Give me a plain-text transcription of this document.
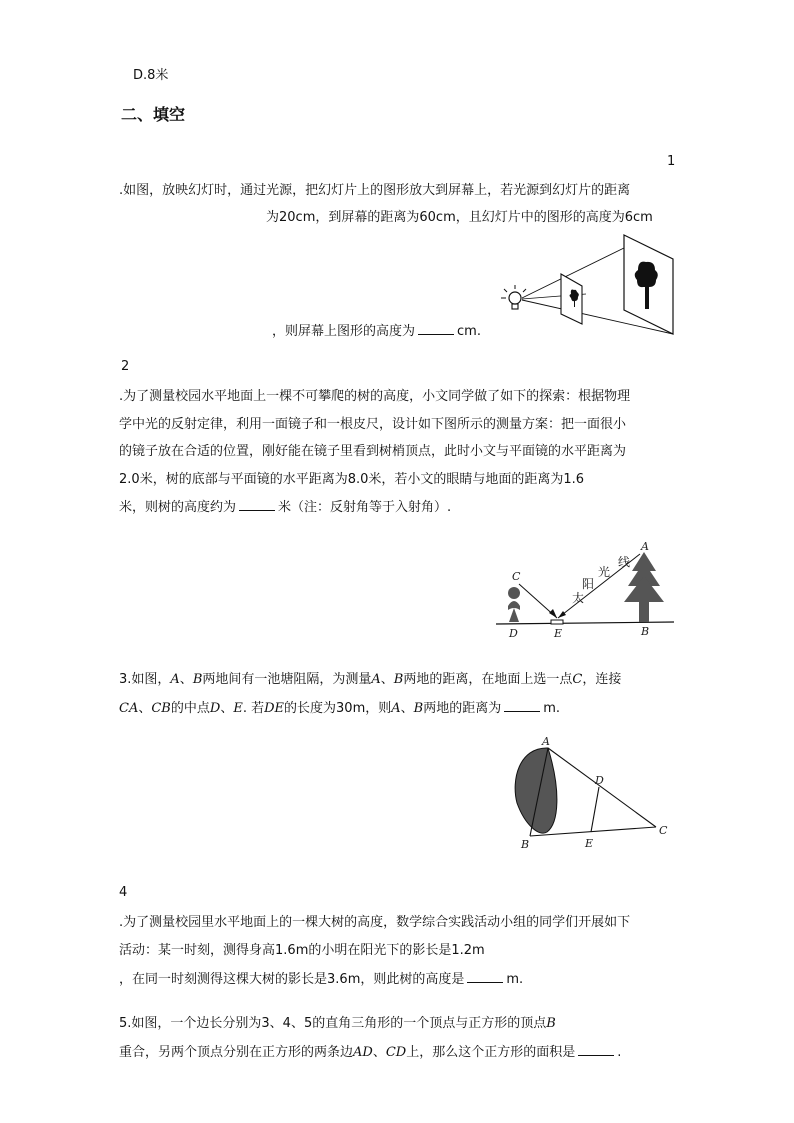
D.8米
二、填空
1
.如图，放映幻灯时，通过光源，把幻灯片上的图形放大到屏幕上，若光源到幻灯片的距离
为20cm，到屏幕的距离为60cm，且幻灯片中的图形的高度为6cm
，则屏幕上图形的高度为	cm.
2
.为了测量校园水平地面上一棵不可攀爬的树的高度，小文同学做了如下的探索：根据物理
学中光的反射定律，利用一面镜子和一根皮尺，设计如下图所示的测量方案：把一面很小
的镜子放在合适的位置，刚好能在镜子里看到树梢顶点，此时小文与平面镜的水平距离为
2.0米，树的底部与平面镜的水平距离为8.0米，若小文的眼睛与地面的距离为1.6
米，则树的高度约为	米（注：反射角等于入射角）.
C
D	E	B
A
线
光
阳
太
3.如图，A、B两地间有一池塘阻隔，为测量A、B两地的距离，在地面上选一点C，连接
CA、CB的中点D、E. 若DE的长度为30m，则A、B两地的距离为	m.
A
B
C
D
E
4
.为了测量校园里水平地面上的一棵大树的高度，数学综合实践活动小组的同学们开展如下
活动：某一时刻，测得身高1.6m的小明在阳光下的影长是1.2m
，在同一时刻测得这棵大树的影长是3.6m，则此树的高度是	m.
5.如图，一个边长分别为3、4、5的直角三角形的一个顶点与正方形的顶点B
重合，另两个顶点分别在正方形的两条边AD、CD上，那么这个正方形的面积是	.
